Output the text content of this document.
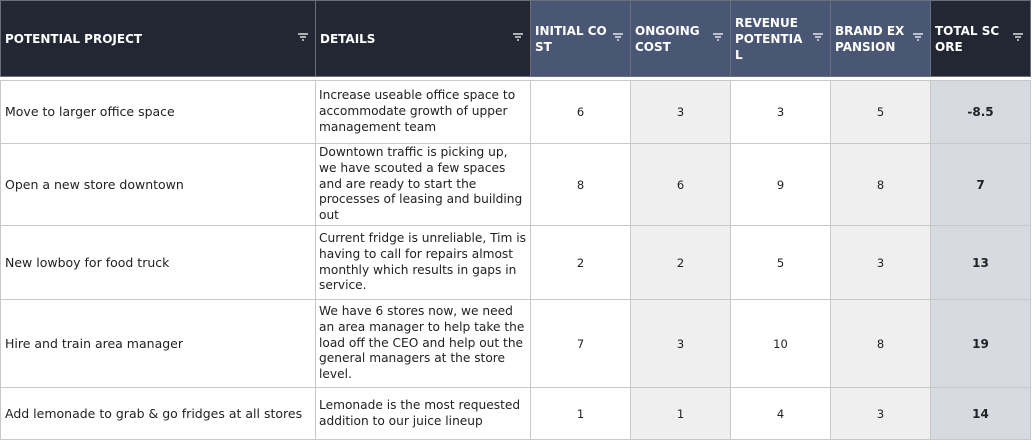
POTENTIAL PROJECT	DETAILS	INITIAL COST	ONGOING COST	REVENUE POTENTIAL	BRAND EXPANSION	TOTAL SCORE

Move to larger office space	Increase useable office space to accommodate growth of upper management team	6	3	3	5	-8.5
Open a new store downtown	Downtown traffic is picking up, we have scouted a few spaces and are ready to start the processes of leasing and building out	8	6	9	8	7
New lowboy for food truck	Current fridge is unreliable, Tim is having to call for repairs almost monthly which results in gaps in service.	2	2	5	3	13
Hire and train area manager	We have 6 stores now, we need an area manager to help take the load off the CEO and help out the general managers at the store level.	7	3	10	8	19
Add lemonade to grab & go fridges at all stores	Lemonade is the most requested addition to our juice lineup	1	1	4	3	14
